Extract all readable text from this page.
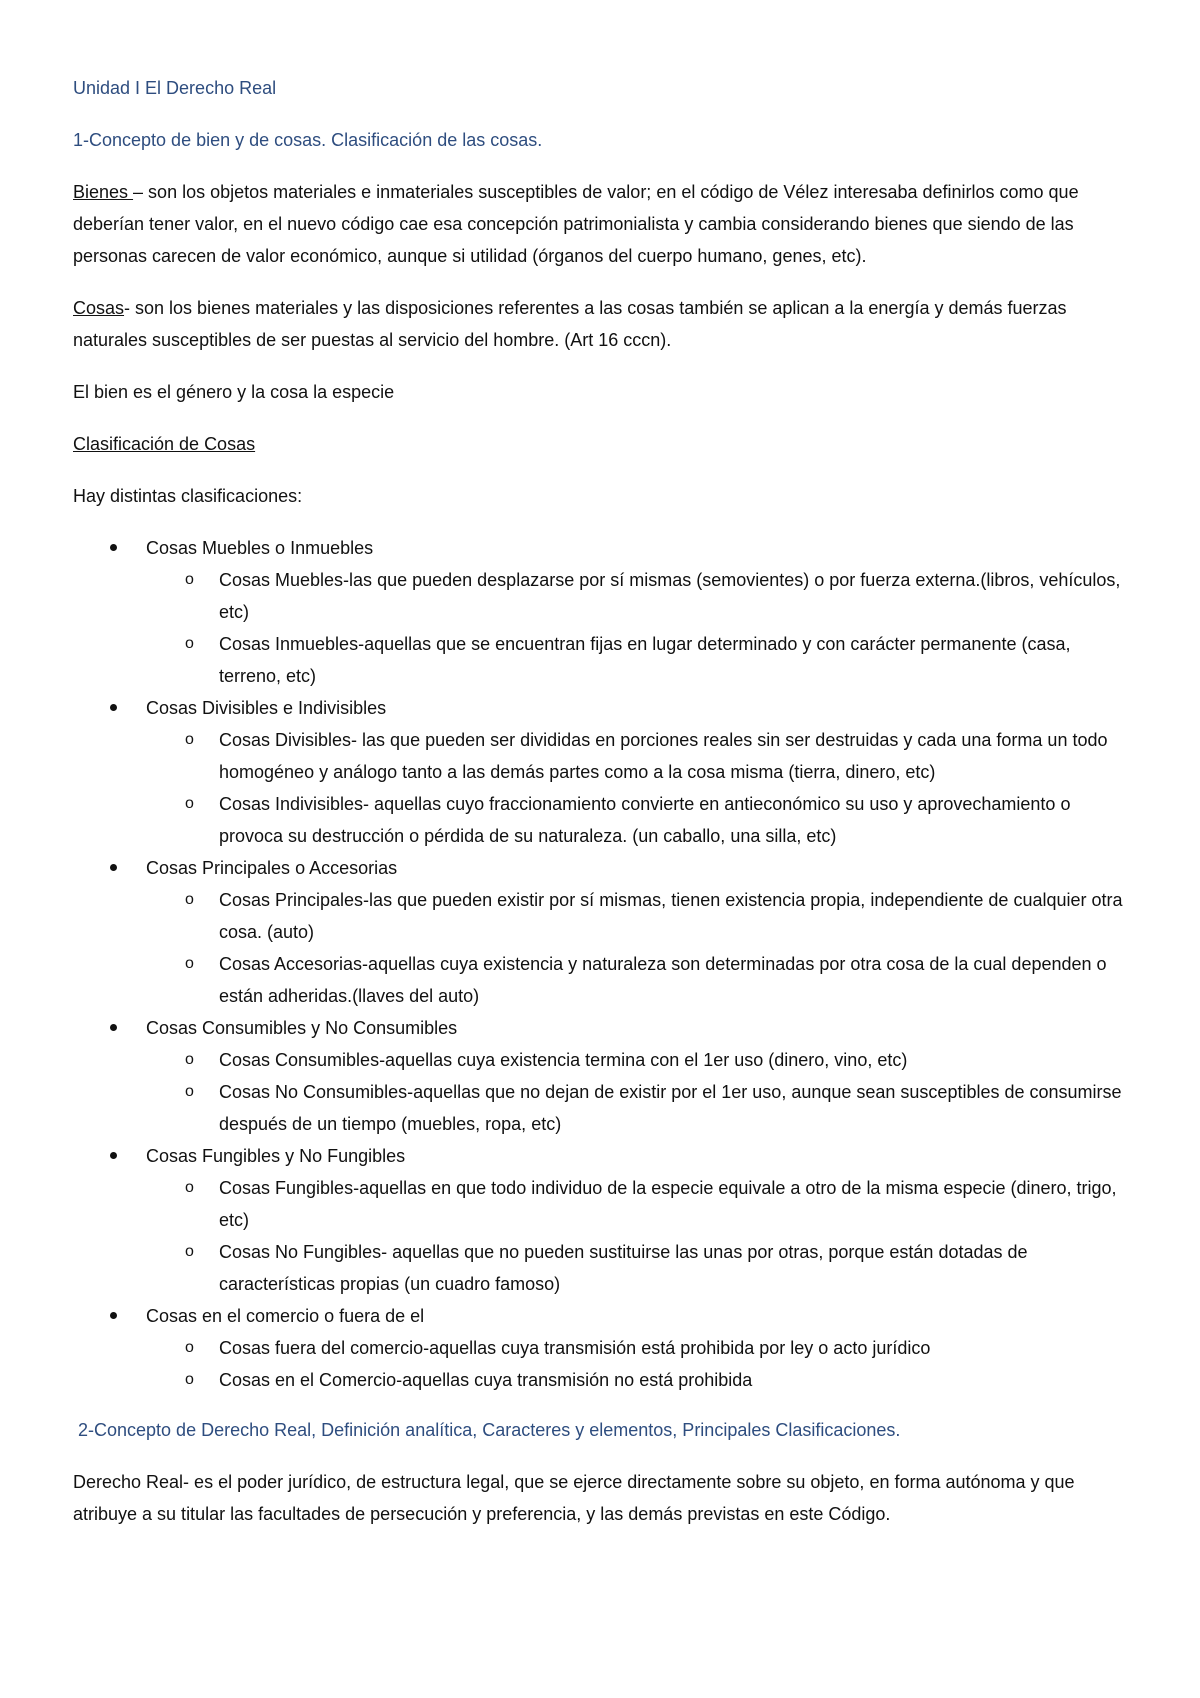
Unidad I El Derecho Real

1-Concepto de bien y de cosas. Clasificación de las cosas.

Bienes – son los objetos materiales e inmateriales susceptibles de valor; en el código de Vélez interesaba definirlos como que deberían tener valor, en el nuevo código cae esa concepción patrimonialista y cambia considerando bienes que siendo de las personas carecen de valor económico, aunque si utilidad (órganos del cuerpo humano, genes, etc).

Cosas- son los bienes materiales y las disposiciones referentes a las cosas también se aplican a la energía y demás fuerzas naturales susceptibles de ser puestas al servicio del hombre. (Art 16 cccn).

El bien es el género y la cosa la especie

Clasificación de Cosas

Hay distintas clasificaciones:

Cosas Muebles o Inmuebles
o Cosas Muebles-las que pueden desplazarse por sí mismas (semovientes) o por fuerza externa.(libros, vehículos, etc)
o Cosas Inmuebles-aquellas que se encuentran fijas en lugar determinado y con carácter permanente (casa, terreno, etc)
Cosas Divisibles e Indivisibles
o Cosas Divisibles- las que pueden ser divididas en porciones reales sin ser destruidas y cada una forma un todo homogéneo y análogo tanto a las demás partes como a la cosa misma (tierra, dinero, etc)
o Cosas Indivisibles- aquellas cuyo fraccionamiento convierte en antieconómico su uso y aprovechamiento o provoca su destrucción o pérdida de su naturaleza. (un caballo, una silla, etc)
Cosas Principales o Accesorias
o Cosas Principales-las que pueden existir por sí mismas, tienen existencia propia, independiente de cualquier otra cosa. (auto)
o Cosas Accesorias-aquellas cuya existencia y naturaleza son determinadas por otra cosa de la cual dependen o están adheridas.(llaves del auto)
Cosas Consumibles y No Consumibles
o Cosas Consumibles-aquellas cuya existencia termina con el 1er uso (dinero, vino, etc)
o Cosas No Consumibles-aquellas que no dejan de existir por el 1er uso, aunque sean susceptibles de consumirse después de un tiempo (muebles, ropa, etc)
Cosas Fungibles y No Fungibles
o Cosas Fungibles-aquellas en que todo individuo de la especie equivale a otro de la misma especie (dinero, trigo, etc)
o Cosas No Fungibles- aquellas que no pueden sustituirse las unas por otras, porque están dotadas de características propias (un cuadro famoso)
Cosas en el comercio o fuera de el
o Cosas fuera del comercio-aquellas cuya transmisión está prohibida por ley o acto jurídico
o Cosas en el Comercio-aquellas cuya transmisión no está prohibida

2-Concepto de Derecho Real, Definición analítica, Caracteres y elementos, Principales Clasificaciones.

Derecho Real- es el poder jurídico, de estructura legal, que se ejerce directamente sobre su objeto, en forma autónoma y que atribuye a su titular las facultades de persecución y preferencia, y las demás previstas en este Código.
